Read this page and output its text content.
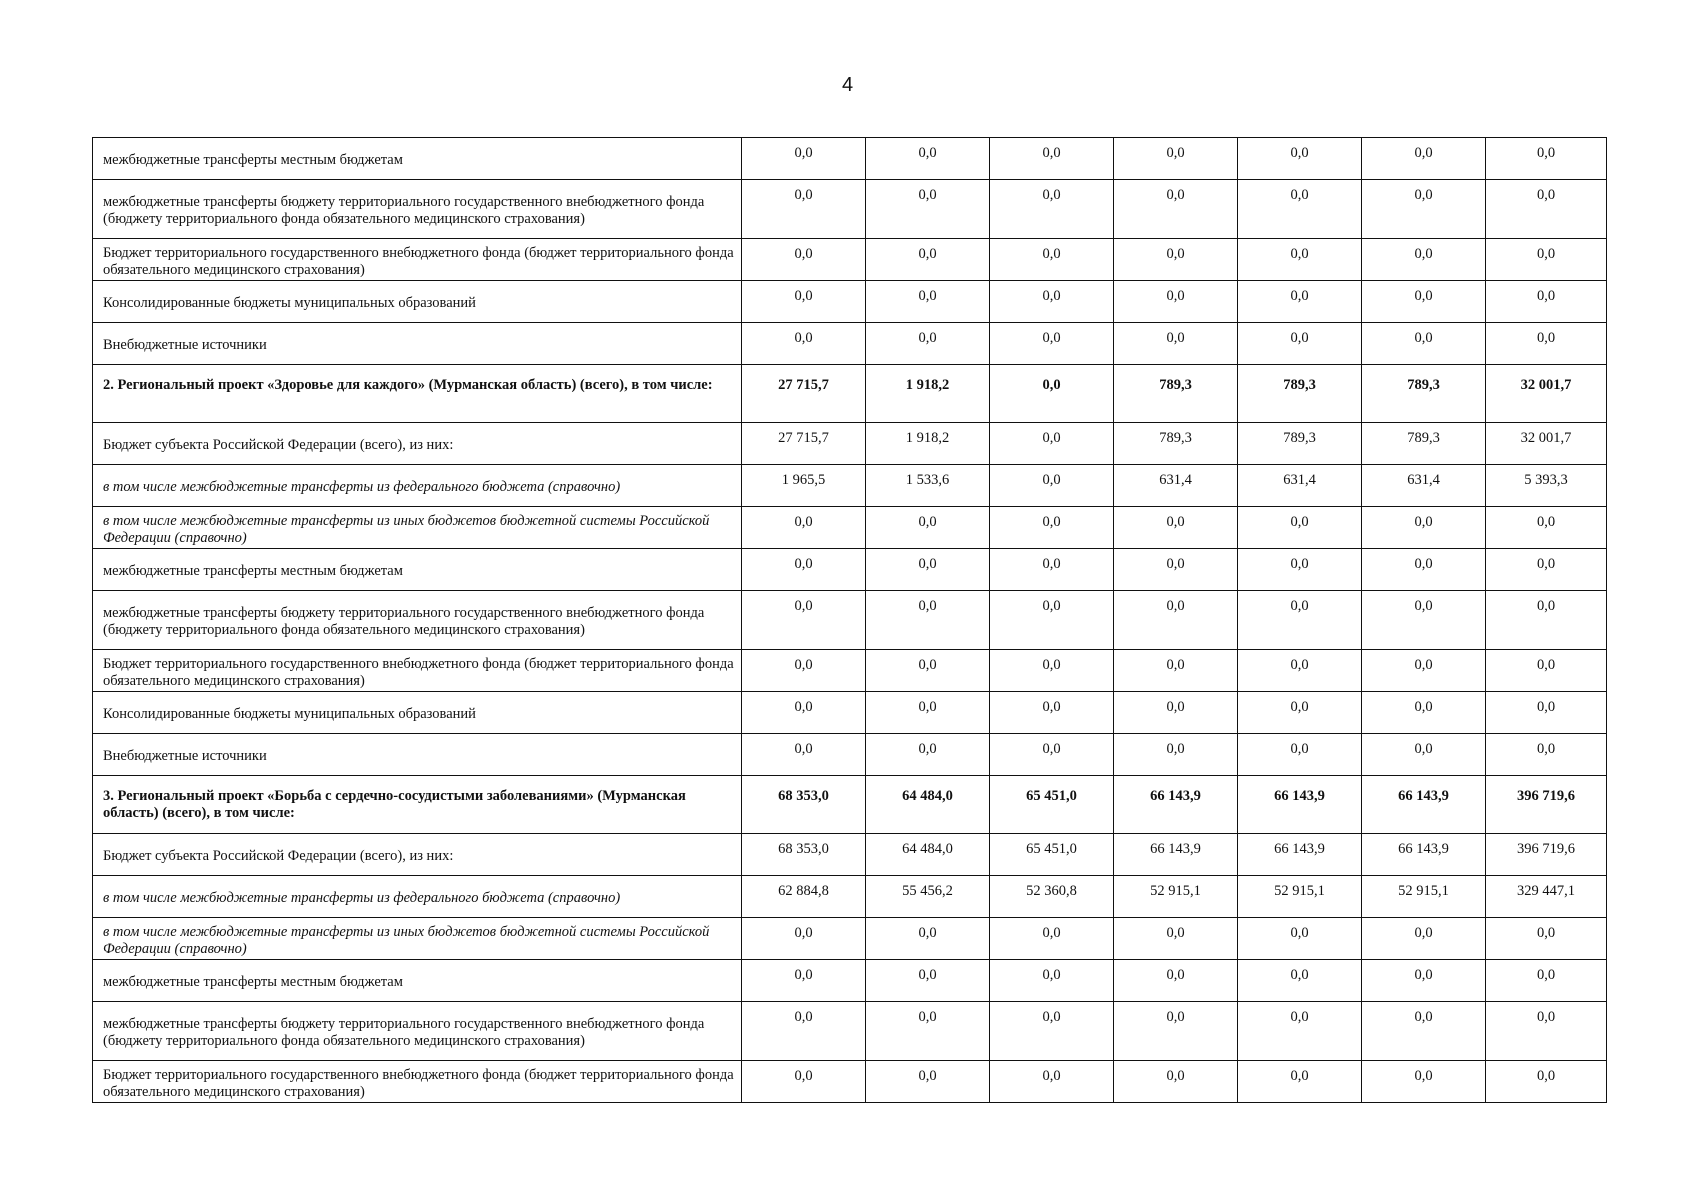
4
межбюджетные трансферты местным бюджетам	0,0	0,0	0,0	0,0	0,0	0,0	0,0
межбюджетные трансферты бюджету территориального государственного внебюджетного фонда (бюджету территориального фонда обязательного медицинского страхования)	0,0	0,0	0,0	0,0	0,0	0,0	0,0
Бюджет территориального государственного внебюджетного фонда (бюджет территориального фонда обязательного медицинского страхования)	0,0	0,0	0,0	0,0	0,0	0,0	0,0
Консолидированные бюджеты муниципальных образований	0,0	0,0	0,0	0,0	0,0	0,0	0,0
Внебюджетные источники	0,0	0,0	0,0	0,0	0,0	0,0	0,0
2. Региональный проект «Здоровье для каждого» (Мурманская область) (всего), в том числе:	27 715,7	1 918,2	0,0	789,3	789,3	789,3	32 001,7
Бюджет субъекта Российской Федерации (всего), из них:	27 715,7	1 918,2	0,0	789,3	789,3	789,3	32 001,7
в том числе межбюджетные трансферты из федерального бюджета (справочно)	1 965,5	1 533,6	0,0	631,4	631,4	631,4	5 393,3
в том числе межбюджетные трансферты из иных бюджетов бюджетной системы Российской Федерации (справочно)	0,0	0,0	0,0	0,0	0,0	0,0	0,0
межбюджетные трансферты местным бюджетам	0,0	0,0	0,0	0,0	0,0	0,0	0,0
межбюджетные трансферты бюджету территориального государственного внебюджетного фонда (бюджету территориального фонда обязательного медицинского страхования)	0,0	0,0	0,0	0,0	0,0	0,0	0,0
Бюджет территориального государственного внебюджетного фонда (бюджет территориального фонда обязательного медицинского страхования)	0,0	0,0	0,0	0,0	0,0	0,0	0,0
Консолидированные бюджеты муниципальных образований	0,0	0,0	0,0	0,0	0,0	0,0	0,0
Внебюджетные источники	0,0	0,0	0,0	0,0	0,0	0,0	0,0
3. Региональный проект «Борьба с сердечно-сосудистыми заболеваниями» (Мурманская область) (всего), в том числе:	68 353,0	64 484,0	65 451,0	66 143,9	66 143,9	66 143,9	396 719,6
Бюджет субъекта Российской Федерации (всего), из них:	68 353,0	64 484,0	65 451,0	66 143,9	66 143,9	66 143,9	396 719,6
в том числе межбюджетные трансферты из федерального бюджета (справочно)	62 884,8	55 456,2	52 360,8	52 915,1	52 915,1	52 915,1	329 447,1
в том числе межбюджетные трансферты из иных бюджетов бюджетной системы Российской Федерации (справочно)	0,0	0,0	0,0	0,0	0,0	0,0	0,0
межбюджетные трансферты местным бюджетам	0,0	0,0	0,0	0,0	0,0	0,0	0,0
межбюджетные трансферты бюджету территориального государственного внебюджетного фонда (бюджету территориального фонда обязательного медицинского страхования)	0,0	0,0	0,0	0,0	0,0	0,0	0,0
Бюджет территориального государственного внебюджетного фонда (бюджет территориального фонда обязательного медицинского страхования)	0,0	0,0	0,0	0,0	0,0	0,0	0,0
